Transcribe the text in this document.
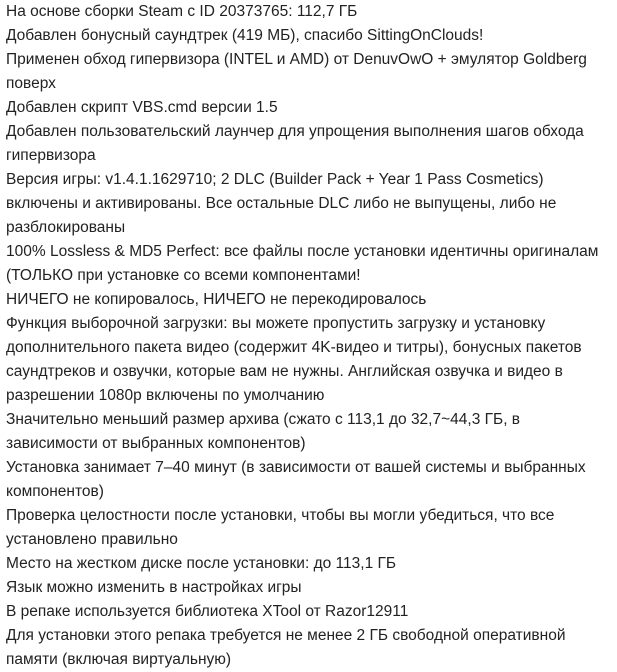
На основе сборки Steam с ID 20373765: 112,7 ГБ

Добавлен бонусный саундтрек (419 МБ), спасибо SittingOnClouds!

Применен обход гипервизора (INTEL и AMD) от DenuvOwO + эмулятор Goldberg поверх

Добавлен скрипт VBS.cmd версии 1.5

Добавлен пользовательский лаунчер для упрощения выполнения шагов обхода гипервизора

Версия игры: v1.4.1.1629710; 2 DLC (Builder Pack + Year 1 Pass Cosmetics) включены и активированы. Все остальные DLC либо не выпущены, либо не разблокированы

100% Lossless & MD5 Perfect: все файлы после установки идентичны оригиналам (ТОЛЬКО при установке со всеми компонентами!

НИЧЕГО не копировалось, НИЧЕГО не перекодировалось

Функция выборочной загрузки: вы можете пропустить загрузку и установку дополнительного пакета видео (содержит 4K-видео и титры), бонусных пакетов саундтреков и озвучки, которые вам не нужны. Английская озвучка и видео в разрешении 1080p включены по умолчанию

Значительно меньший размер архива (сжато с 113,1 до 32,7~44,3 ГБ, в зависимости от выбранных компонентов)

Установка занимает 7–40 минут (в зависимости от вашей системы и выбранных компонентов)

Проверка целостности после установки, чтобы вы могли убедиться, что все установлено правильно

Место на жестком диске после установки: до 113,1 ГБ

Язык можно изменить в настройках игры

В репаке используется библиотека XTool от Razor12911

Для установки этого репака требуется не менее 2 ГБ свободной оперативной памяти (включая виртуальную)
